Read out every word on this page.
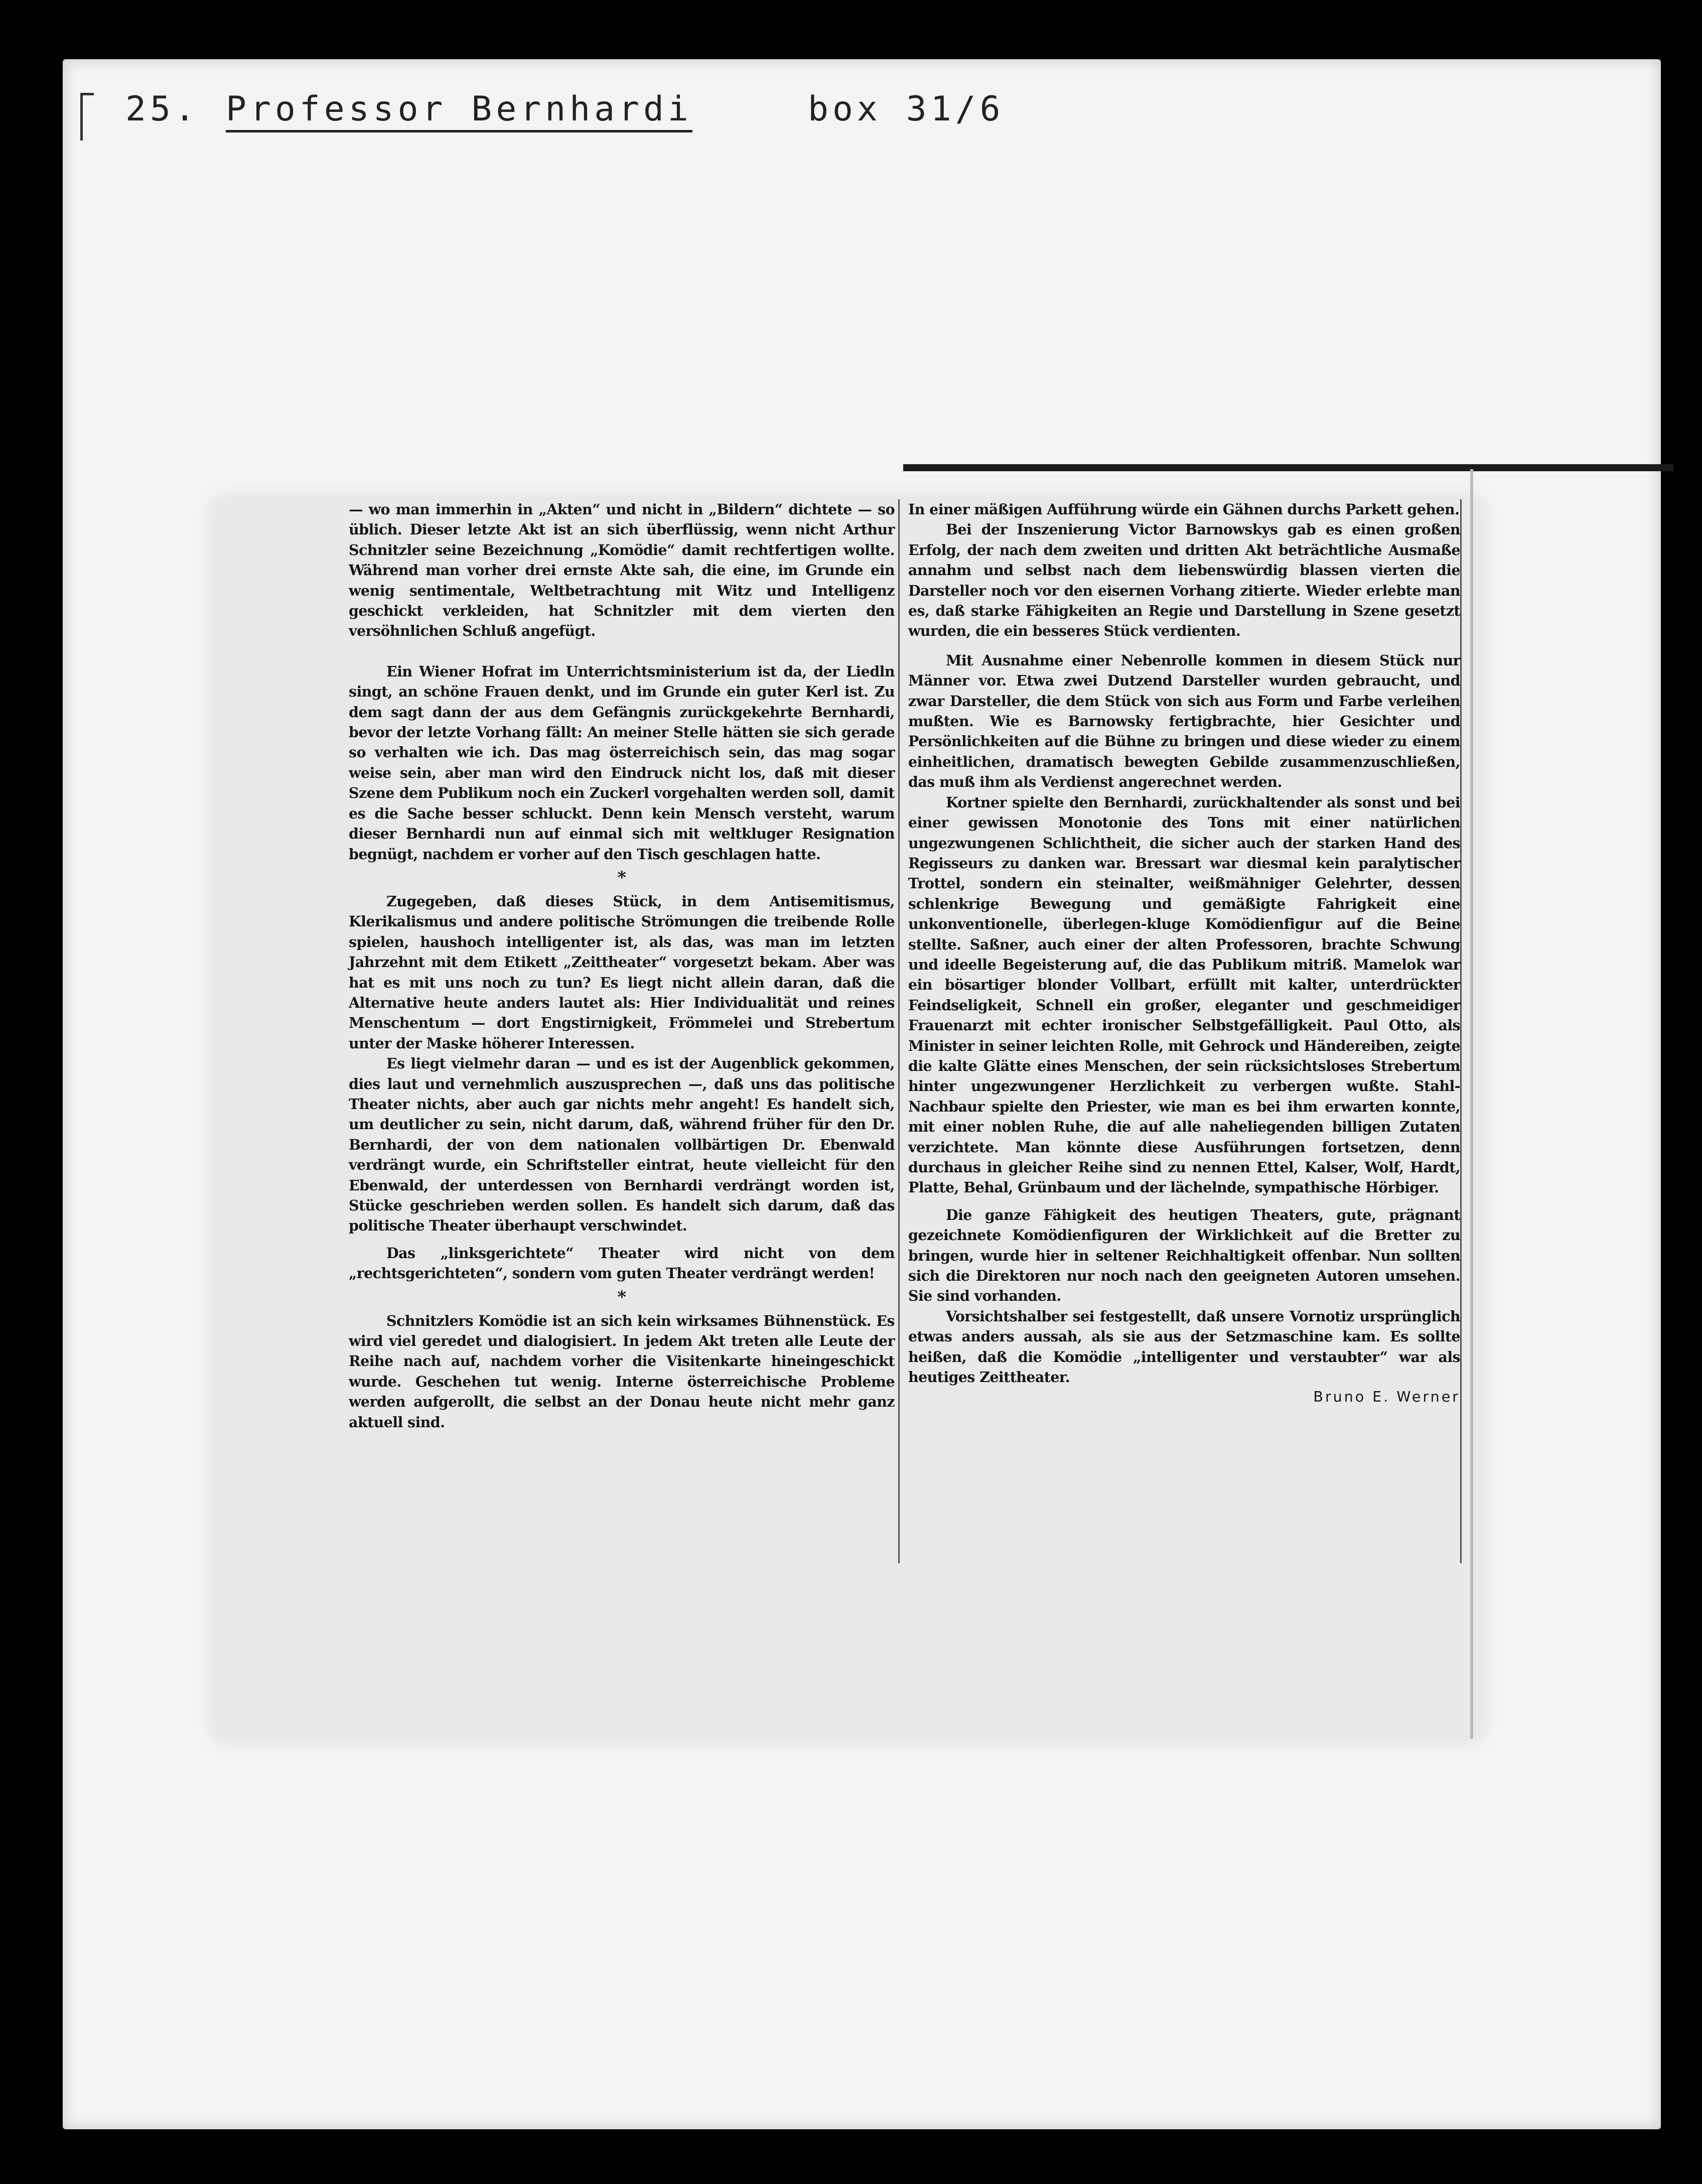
25. Professor Bernhardi	box 31/6

— wo man immerhin in „Akten“ und nicht in „Bildern“ dichtete — so üblich. Dieser letzte Akt ist an sich überflüssig, wenn nicht Arthur Schnitzler seine Bezeichnung „Komödie“ damit rechtfertigen wollte. Während man vorher drei ernste Akte sah, die eine, im Grunde ein wenig sentimentale, Weltbetrachtung mit Witz und Intelligenz geschickt verkleiden, hat Schnitzler mit dem vierten den versöhnlichen Schluß angefügt.

Ein Wiener Hofrat im Unterrichtsministerium ist da, der Liedln singt, an schöne Frauen denkt, und im Grunde ein guter Kerl ist. Zu dem sagt dann der aus dem Gefängnis zurückgekehrte Bernhardi, bevor der letzte Vorhang fällt: An meiner Stelle hätten sie sich gerade so verhalten wie ich. Das mag österreichisch sein, das mag sogar weise sein, aber man wird den Eindruck nicht los, daß mit dieser Szene dem Publikum noch ein Zuckerl vorgehalten werden soll, damit es die Sache besser schluckt. Denn kein Mensch versteht, warum dieser Bernhardi nun auf einmal sich mit weltkluger Resignation begnügt, nachdem er vorher auf den Tisch geschlagen hatte.

*

Zugegeben, daß dieses Stück, in dem Antisemitismus, Klerikalismus und andere politische Strömungen die treibende Rolle spielen, haushoch intelligenter ist, als das, was man im letzten Jahrzehnt mit dem Etikett „Zeittheater“ vorgesetzt bekam. Aber was hat es mit uns noch zu tun? Es liegt nicht allein daran, daß die Alternative heute anders lautet als: Hier Individualität und reines Menschentum — dort Engstirnigkeit, Frömmelei und Strebertum unter der Maske höherer Interessen.

Es liegt vielmehr daran — und es ist der Augenblick gekommen, dies laut und vernehmlich auszusprechen —, daß uns das politische Theater nichts, aber auch gar nichts mehr angeht! Es handelt sich, um deutlicher zu sein, nicht darum, daß, während früher für den Dr. Bernhardi, der von dem nationalen vollbärtigen Dr. Ebenwald verdrängt wurde, ein Schriftsteller eintrat, heute vielleicht für den Ebenwald, der unterdessen von Bernhardi verdrängt worden ist, Stücke geschrieben werden sollen. Es handelt sich darum, daß das politische Theater überhaupt verschwindet.

Das „linksgerichtete“ Theater wird nicht von dem „rechtsgerichteten“, sondern vom guten Theater verdrängt werden!

*

Schnitzlers Komödie ist an sich kein wirksames Bühnenstück. Es wird viel geredet und dialogisiert. In jedem Akt treten alle Leute der Reihe nach auf, nachdem vorher die Visitenkarte hineingeschickt wurde. Geschehen tut wenig. Interne österreichische Probleme werden aufgerollt, die selbst an der Donau heute nicht mehr ganz aktuell sind.

In einer mäßigen Aufführung würde ein Gähnen durchs Parkett gehen.

Bei der Inszenierung Victor Barnowskys gab es einen großen Erfolg, der nach dem zweiten und dritten Akt beträchtliche Ausmaße annahm und selbst nach dem liebenswürdig blassen vierten die Darsteller noch vor den eisernen Vorhang zitierte. Wieder erlebte man es, daß starke Fähigkeiten an Regie und Darstellung in Szene gesetzt wurden, die ein besseres Stück verdienten.

Mit Ausnahme einer Nebenrolle kommen in diesem Stück nur Männer vor. Etwa zwei Dutzend Darsteller wurden gebraucht, und zwar Darsteller, die dem Stück von sich aus Form und Farbe verleihen mußten. Wie es Barnowsky fertigbrachte, hier Gesichter und Persönlichkeiten auf die Bühne zu bringen und diese wieder zu einem einheitlichen, dramatisch bewegten Gebilde zusammenzuschließen, das muß ihm als Verdienst angerechnet werden.

Kortner spielte den Bernhardi, zurückhaltender als sonst und bei einer gewissen Monotonie des Tons mit einer natürlichen ungezwungenen Schlichtheit, die sicher auch der starken Hand des Regisseurs zu danken war. Bressart war diesmal kein paralytischer Trottel, sondern ein steinalter, weißmähniger Gelehrter, dessen schlenkrige Bewegung und gemäßigte Fahrigkeit eine unkonventionelle, überlegen-kluge Komödienfigur auf die Beine stellte. Saßner, auch einer der alten Professoren, brachte Schwung und ideelle Begeisterung auf, die das Publikum mitriß. Mamelok war ein bösartiger blonder Vollbart, erfüllt mit kalter, unterdrückter Feindseligkeit, Schnell ein großer, eleganter und geschmeidiger Frauenarzt mit echter ironischer Selbstgefälligkeit. Paul Otto, als Minister in seiner leichten Rolle, mit Gehrock und Händereiben, zeigte die kalte Glätte eines Menschen, der sein rücksichtsloses Strebertum hinter ungezwungener Herzlichkeit zu verbergen wußte. Stahl-Nachbaur spielte den Priester, wie man es bei ihm erwarten konnte, mit einer noblen Ruhe, die auf alle naheliegenden billigen Zutaten verzichtete. Man könnte diese Ausführungen fortsetzen, denn durchaus in gleicher Reihe sind zu nennen Ettel, Kalser, Wolf, Hardt, Platte, Behal, Grünbaum und der lächelnde, sympathische Hörbiger.

Die ganze Fähigkeit des heutigen Theaters, gute, prägnant gezeichnete Komödienfiguren der Wirklichkeit auf die Bretter zu bringen, wurde hier in seltener Reichhaltigkeit offenbar. Nun sollten sich die Direktoren nur noch nach den geeigneten Autoren umsehen. Sie sind vorhanden.

Vorsichtshalber sei festgestellt, daß unsere Vornotiz ursprünglich etwas anders aussah, als sie aus der Setzmaschine kam. Es sollte heißen, daß die Komödie „intelligenter und verstaubter“ war als heutiges Zeittheater.

Bruno E. Werner
